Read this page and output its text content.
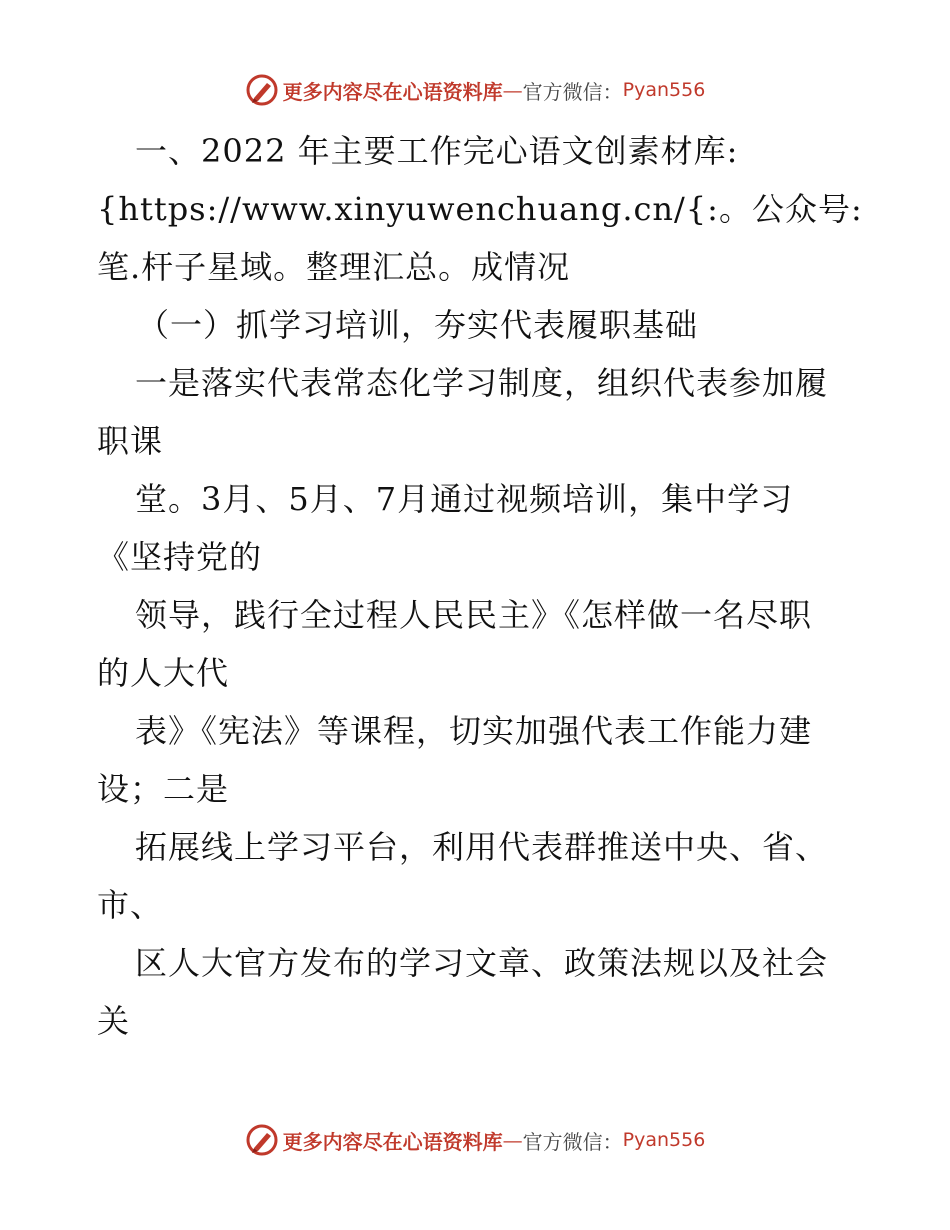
更多内容尽在心语资料库 — 官方微信： Pyan556
一、2022 年主要工作完心语文创素材库:
{https://www.xinyuwenchuang.cn/{:。公众号:
笔.杆子星域。整理汇总。成情况
（一）抓学习培训，夯实代表履职基础
一是落实代表常态化学习制度，组织代表参加履
职课
堂。3月、5月、7月通过视频培训，集中学习
《坚持党的
领导，践行全过程人民民主》《怎样做一名尽职
的人大代
表》《宪法》等课程，切实加强代表工作能力建
设；二是
拓展线上学习平台，利用代表群推送中央、省、
市、
区人大官方发布的学习文章、政策法规以及社会
关
更多内容尽在心语资料库 — 官方微信： Pyan556
